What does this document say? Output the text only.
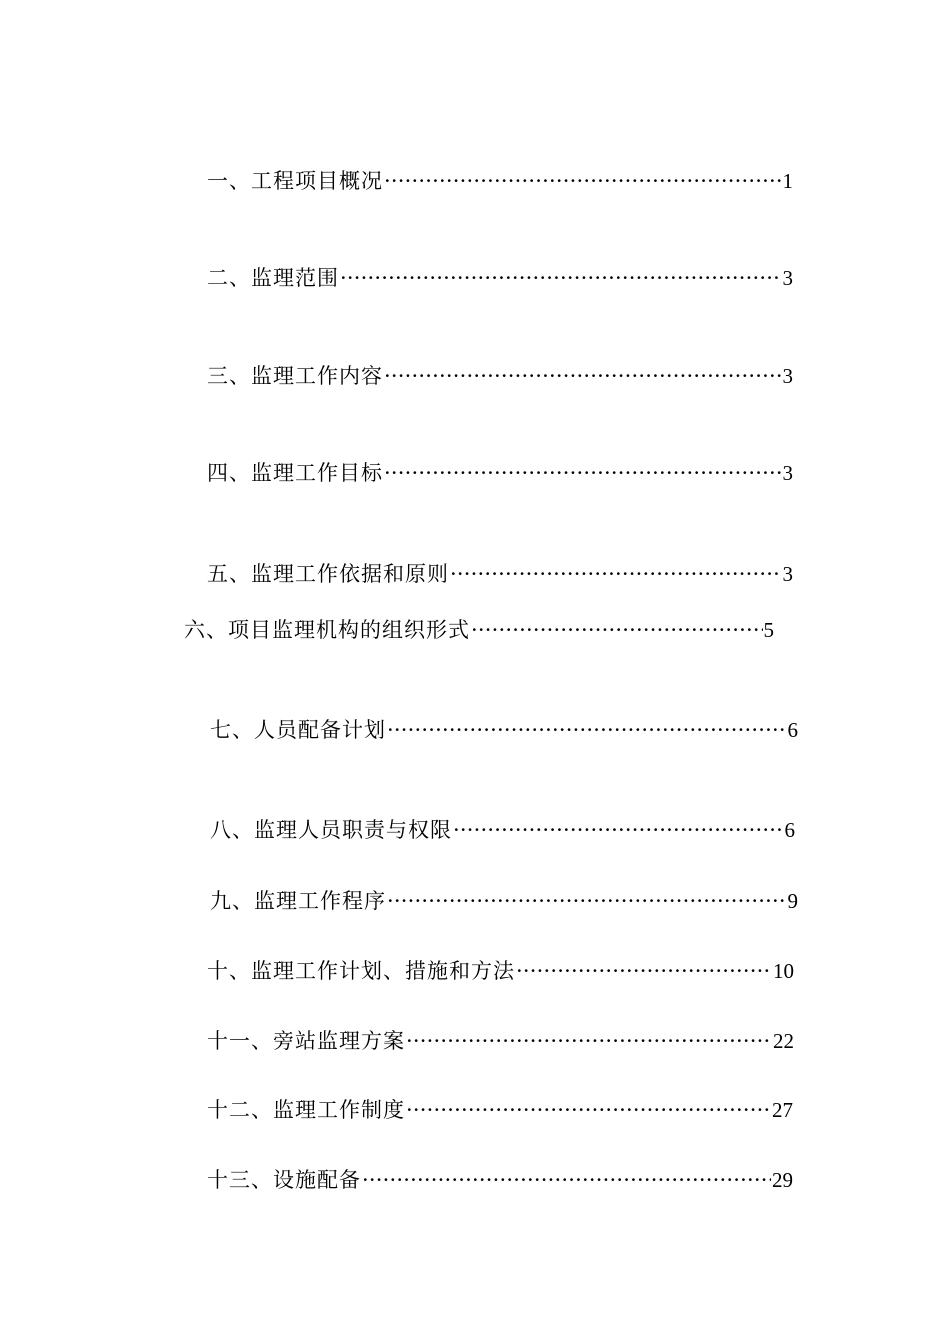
一、工程项目概况 ·····	1
二、监理范围 ·····	3
三、监理工作内容 ·····	3
四、监理工作目标 ·····	3
五、监理工作依据和原则 ·····	3
六、项目监理机构的组织形式 ·····	5
七、人员配备计划 ·····	6
八、监理人员职责与权限 ·····	6
九、监理工作程序 ·····	9
十、监理工作计划、措施和方法 ·····	10
十一、旁站监理方案 ·····	22
十二、监理工作制度 ·····	27
十三、设施配备 ·····	29
